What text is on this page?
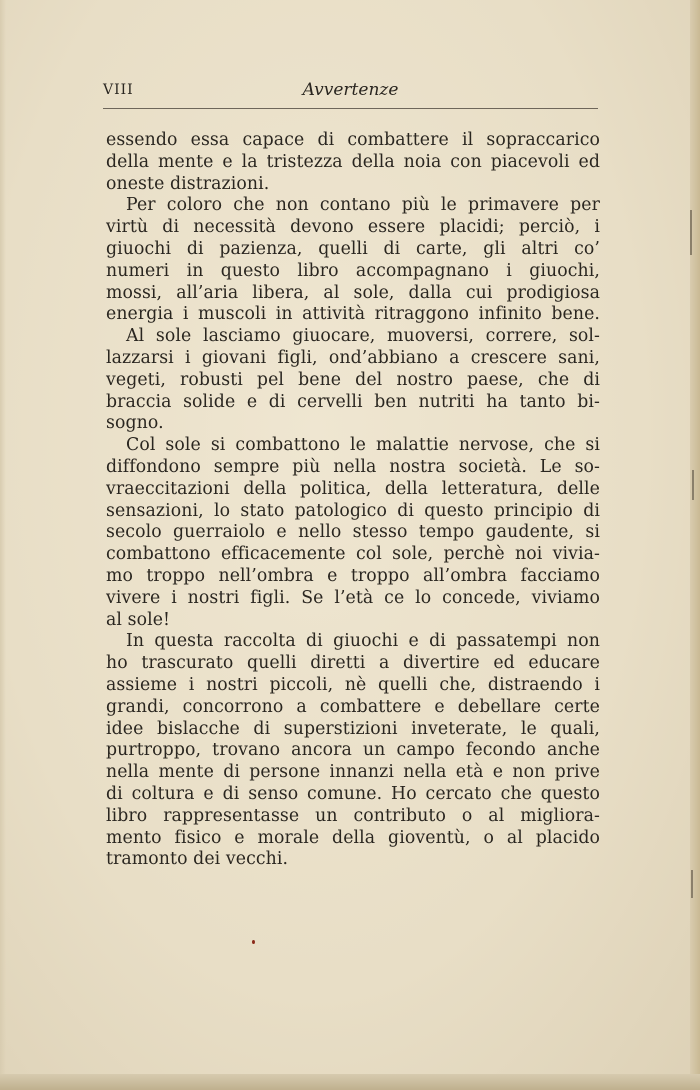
VIII	Avvertenze
essendo essa capace di combattere il sopraccarico
della mente e la tristezza della noia con piacevoli ed
oneste distrazioni.
Per coloro che non contano più le primavere per
virtù di necessità devono essere placidi; perciò, i
giuochi di pazienza, quelli di carte, gli altri co’
numeri in questo libro accompagnano i giuochi,
mossi, all’aria libera, al sole, dalla cui prodigiosa
energia i muscoli in attività ritraggono infinito bene.
Al sole lasciamo giuocare, muoversi, correre, sol-
lazzarsi i giovani figli, ond’abbiano a crescere sani,
vegeti, robusti pel bene del nostro paese, che di
braccia solide e di cervelli ben nutriti ha tanto bi-
sogno.
Col sole si combattono le malattie nervose, che si
diffondono sempre più nella nostra società. Le so-
vraeccitazioni della politica, della letteratura, delle
sensazioni, lo stato patologico di questo principio di
secolo guerraiolo e nello stesso tempo gaudente, si
combattono efficacemente col sole, perchè noi vivia-
mo troppo nell’ombra e troppo all’ombra facciamo
vivere i nostri figli. Se l’età ce lo concede, viviamo
al sole!
In questa raccolta di giuochi e di passatempi non
ho trascurato quelli diretti a divertire ed educare
assieme i nostri piccoli, nè quelli che, distraendo i
grandi, concorrono a combattere e debellare certe
idee bislacche di superstizioni inveterate, le quali,
purtroppo, trovano ancora un campo fecondo anche
nella mente di persone innanzi nella età e non prive
di coltura e di senso comune. Ho cercato che questo
libro rappresentasse un contributo o al migliora-
mento fisico e morale della gioventù, o al placido
tramonto dei vecchi.
